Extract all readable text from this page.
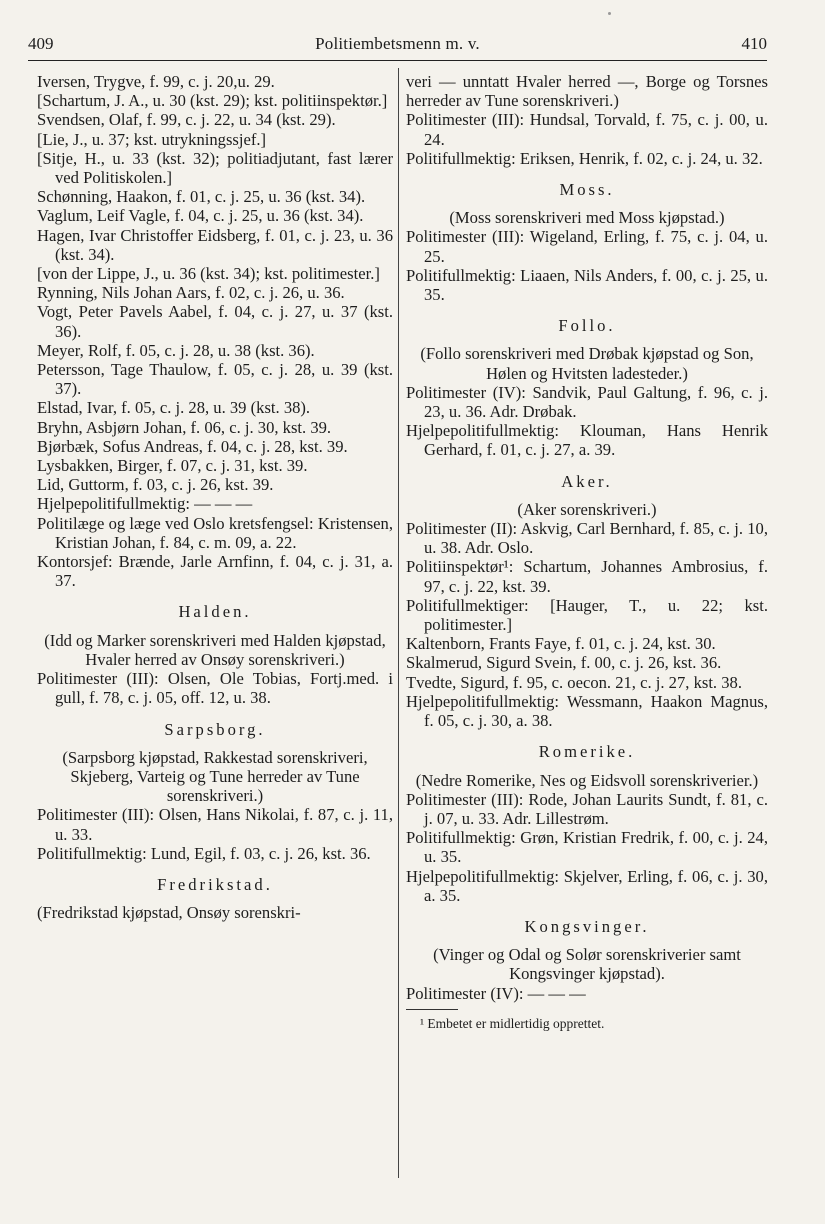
409	Politiembetsmenn m. v.	410

Iversen, Trygve, f. 99, c. j. 20,u. 29.

[Schartum, J. A., u. 30 (kst. 29); kst. politiinspektør.]

Svendsen, Olaf, f. 99, c. j. 22, u. 34 (kst. 29).

[Lie, J., u. 37; kst. utrykningssjef.]

[Sitje, H., u. 33 (kst. 32); politiadjutant, fast lærer ved Politiskolen.]

Schønning, Haakon, f. 01, c. j. 25, u. 36 (kst. 34).

Vaglum, Leif Vagle, f. 04, c. j. 25, u. 36 (kst. 34).

Hagen, Ivar Christoffer Eidsberg, f. 01, c. j. 23, u. 36 (kst. 34).

[von der Lippe, J., u. 36 (kst. 34); kst. politimester.]

Rynning, Nils Johan Aars, f. 02, c. j. 26, u. 36.

Vogt, Peter Pavels Aabel, f. 04, c. j. 27, u. 37 (kst. 36).

Meyer, Rolf, f. 05, c. j. 28, u. 38 (kst. 36).

Petersson, Tage Thaulow, f. 05, c. j. 28, u. 39 (kst. 37).

Elstad, Ivar, f. 05, c. j. 28, u. 39 (kst. 38).

Bryhn, Asbjørn Johan, f. 06, c. j. 30, kst. 39.

Bjørbæk, Sofus Andreas, f. 04, c. j. 28, kst. 39.

Lysbakken, Birger, f. 07, c. j. 31, kst. 39.

Lid, Guttorm, f. 03, c. j. 26, kst. 39.

Hjelpepolitifullmektig: — — —

Politilæge og læge ved Oslo kretsfengsel: Kristensen, Kristian Johan, f. 84, c. m. 09, a. 22.

Kontorsjef: Brænde, Jarle Arnfinn, f. 04, c. j. 31, a. 37.

Halden.

(Idd og Marker sorenskriveri med Halden kjøpstad, Hvaler herred av Onsøy sorenskriveri.)

Politimester (III): Olsen, Ole Tobias, Fortj.med. i gull, f. 78, c. j. 05, off. 12, u. 38.

Sarpsborg.

(Sarpsborg kjøpstad, Rakkestad sorenskriveri, Skjeberg, Varteig og Tune herreder av Tune sorenskriveri.)

Politimester (III): Olsen, Hans Nikolai, f. 87, c. j. 11, u. 33.

Politifullmektig: Lund, Egil, f. 03, c. j. 26, kst. 36.

Fredrikstad.

(Fredrikstad kjøpstad, Onsøy sorenskri-

veri — unntatt Hvaler herred —, Borge og Torsnes herreder av Tune sorenskriveri.)

Politimester (III): Hundsal, Torvald, f. 75, c. j. 00, u. 24.

Politifullmektig: Eriksen, Henrik, f. 02, c. j. 24, u. 32.

Moss.

(Moss sorenskriveri med Moss kjøpstad.)

Politimester (III): Wigeland, Erling, f. 75, c. j. 04, u. 25.

Politifullmektig: Liaaen, Nils Anders, f. 00, c. j. 25, u. 35.

Follo.

(Follo sorenskriveri med Drøbak kjøpstad og Son, Hølen og Hvitsten ladesteder.)

Politimester (IV): Sandvik, Paul Galtung, f. 96, c. j. 23, u. 36. Adr. Drøbak.

Hjelpepolitifullmektig: Klouman, Hans Henrik Gerhard, f. 01, c. j. 27, a. 39.

Aker.

(Aker sorenskriveri.)

Politimester (II): Askvig, Carl Bernhard, f. 85, c. j. 10, u. 38. Adr. Oslo.

Politiinspektør¹: Schartum, Johannes Ambrosius, f. 97, c. j. 22, kst. 39.

Politifullmektiger: [Hauger, T., u. 22; kst. politimester.]

Kaltenborn, Frants Faye, f. 01, c. j. 24, kst. 30.

Skalmerud, Sigurd Svein, f. 00, c. j. 26, kst. 36.

Tvedte, Sigurd, f. 95, c. oecon. 21, c. j. 27, kst. 38.

Hjelpepolitifullmektig: Wessmann, Haakon Magnus, f. 05, c. j. 30, a. 38.

Romerike.

(Nedre Romerike, Nes og Eidsvoll sorenskriverier.)

Politimester (III): Rode, Johan Laurits Sundt, f. 81, c. j. 07, u. 33. Adr. Lillestrøm.

Politifullmektig: Grøn, Kristian Fredrik, f. 00, c. j. 24, u. 35.

Hjelpepolitifullmektig: Skjelver, Erling, f. 06, c. j. 30, a. 35.

Kongsvinger.

(Vinger og Odal og Solør sorenskriverier samt Kongsvinger kjøpstad).

Politimester (IV): — — —

¹ Embetet er midlertidig opprettet.
